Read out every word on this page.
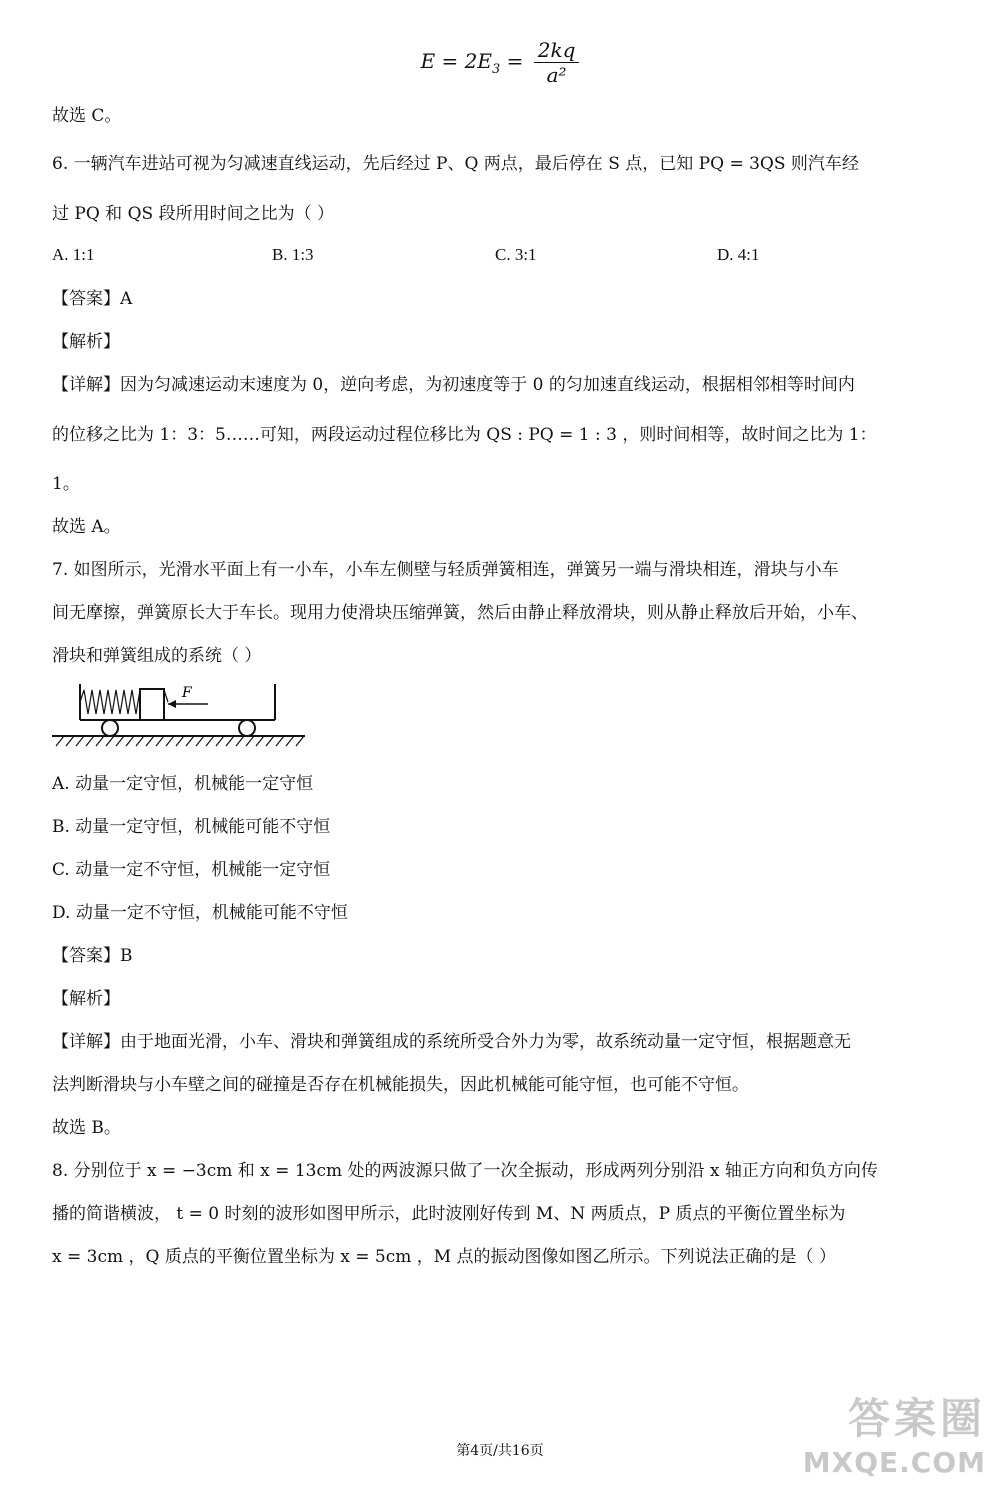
$E = 2E_3 = \frac{2kq}{\text{a²}}$
故选 C。
6. 一辆汽车进站可视为匀减速直线运动，先后经过 P、Q 两点，最后停在 S 点，已知 PQ = 3QS 则汽车经
过 PQ 和 QS 段所用时间之比为（ ）
A. 1:1	B. 1:3	C. 3:1	D. 4:1
【答案】A
【解析】
【详解】因为匀减速运动末速度为 0，逆向考虑，为初速度等于 0 的匀加速直线运动，根据相邻相等时间内
的位移之比为 1：3：5……可知，两段运动过程位移比为 QS : PQ = 1 : 3 ，则时间相等，故时间之比为 1：
1。
故选 A。
7. 如图所示，光滑水平面上有一小车，小车左侧壁与轻质弹簧相连，弹簧另一端与滑块相连，滑块与小车
间无摩擦，弹簧原长大于车长。现用力使滑块压缩弹簧，然后由静止释放滑块，则从静止释放后开始，小车、
滑块和弹簧组成的系统（ ）
F
A. 动量一定守恒，机械能一定守恒
B. 动量一定守恒，机械能可能不守恒
C. 动量一定不守恒，机械能一定守恒
D. 动量一定不守恒，机械能可能不守恒
【答案】B
【解析】
【详解】由于地面光滑，小车、滑块和弹簧组成的系统所受合外力为零，故系统动量一定守恒，根据题意无
法判断滑块与小车壁之间的碰撞是否存在机械能损失，因此机械能可能守恒，也可能不守恒。
故选 B。
8. 分别位于 x = −3cm 和 x = 13cm 处的两波源只做了一次全振动，形成两列分别沿 x 轴正方向和负方向传
播的简谐横波， t = 0 时刻的波形如图甲所示，此时波刚好传到 M、N 两质点，P 质点的平衡位置坐标为
x = 3cm ，Q 质点的平衡位置坐标为 x = 5cm ，M 点的振动图像如图乙所示。下列说法正确的是（ ）
第4页/共16页
答案圈
MXQE.COM
